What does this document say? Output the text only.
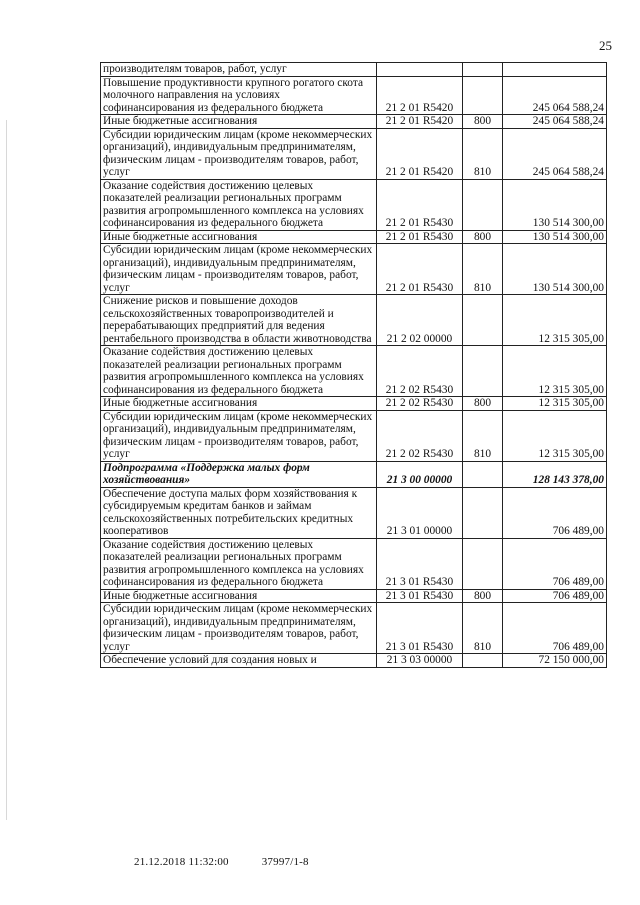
25
производителям товаров, работ, услуг			
Повышение продуктивности крупного рогатого скота молочного направления на условиях софинансирования из федерального бюджета	21 2 01 R5420		245 064 588,24
Иные бюджетные ассигнования	21 2 01 R5420	800	245 064 588,24
Субсидии юридическим лицам (кроме некоммерческих организаций), индивидуальным предпринимателям, физическим лицам - производителям товаров, работ, услуг	21 2 01 R5420	810	245 064 588,24
Оказание содействия достижению целевых показателей реализации региональных программ развития агропромышленного комплекса на условиях софинансирования из федерального бюджета	21 2 01 R5430		130 514 300,00
Иные бюджетные ассигнования	21 2 01 R5430	800	130 514 300,00
Субсидии юридическим лицам (кроме некоммерческих организаций), индивидуальным предпринимателям, физическим лицам - производителям товаров, работ, услуг	21 2 01 R5430	810	130 514 300,00
Снижение рисков и повышение доходов сельскохозяйственных товаропроизводителей и перерабатывающих предприятий для ведения рентабельного производства в области животноводства	21 2 02 00000		12 315 305,00
Оказание содействия достижению целевых показателей реализации региональных программ развития агропромышленного комплекса на условиях софинансирования из федерального бюджета	21 2 02 R5430		12 315 305,00
Иные бюджетные ассигнования	21 2 02 R5430	800	12 315 305,00
Субсидии юридическим лицам (кроме некоммерческих организаций), индивидуальным предпринимателям, физическим лицам - производителям товаров, работ, услуг	21 2 02 R5430	810	12 315 305,00
Подпрограмма «Поддержка малых форм хозяйствования»	21 3 00 00000		128 143 378,00
Обеспечение доступа малых форм хозяйствования к субсидируемым кредитам банков и займам сельскохозяйственных потребительских кредитных кооперативов	21 3 01 00000		706 489,00
Оказание содействия достижению целевых показателей реализации региональных программ развития агропромышленного комплекса на условиях софинансирования из федерального бюджета	21 3 01 R5430		706 489,00
Иные бюджетные ассигнования	21 3 01 R5430	800	706 489,00
Субсидии юридическим лицам (кроме некоммерческих организаций), индивидуальным предпринимателям, физическим лицам - производителям товаров, работ, услуг	21 3 01 R5430	810	706 489,00
Обеспечение условий для создания новых и	21 3 03 00000		72 150 000,00
21.12.2018 11:32:00	37997/1-8
